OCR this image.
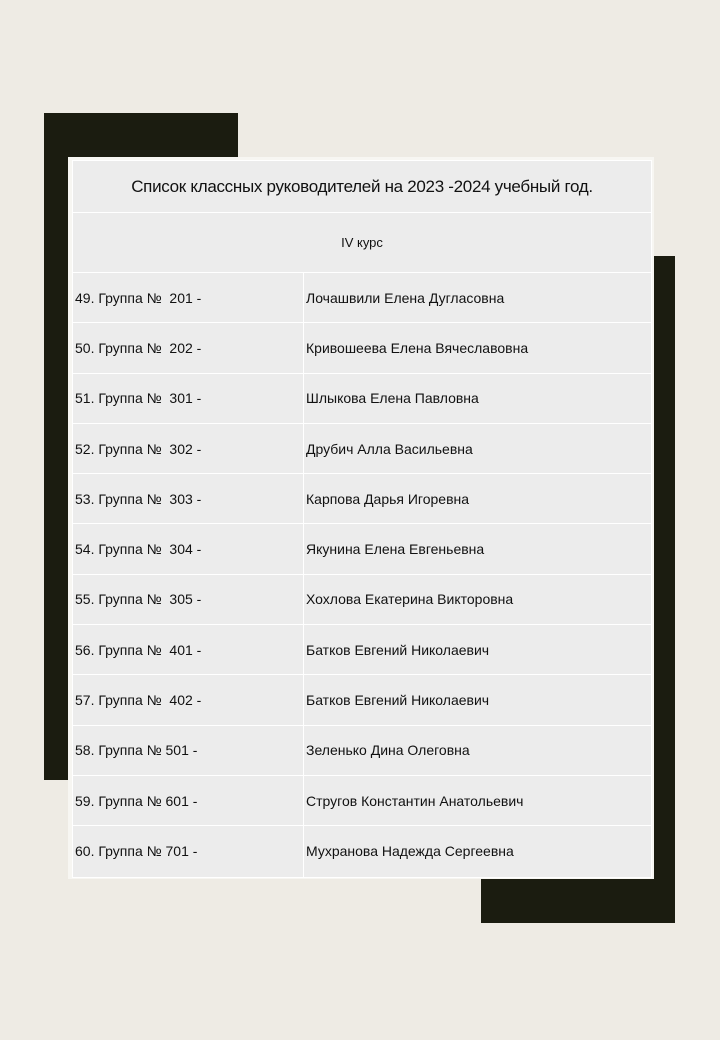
Список классных руководителей на 2023 -2024 учебный год.
IV курс
49. Группа №  201 -	Лочашвили Елена Дугласовна
50. Группа №  202 -	Кривошеева Елена Вячеславовна
51. Группа №  301 -	Шлыкова Елена Павловна
52. Группа №  302 -	Друбич Алла Васильевна
53. Группа №  303 -	Карпова Дарья Игоревна
54. Группа №  304 -	Якунина Елена Евгеньевна
55. Группа №  305 -	Хохлова Екатерина Викторовна
56. Группа №  401 -	Батков Евгений Николаевич
57. Группа №  402 -	Батков Евгений Николаевич
58. Группа № 501 -	Зеленько Дина Олеговна
59. Группа № 601 -	Стругов Константин Анатольевич
60. Группа № 701 -	Мухранова Надежда Сергеевна
